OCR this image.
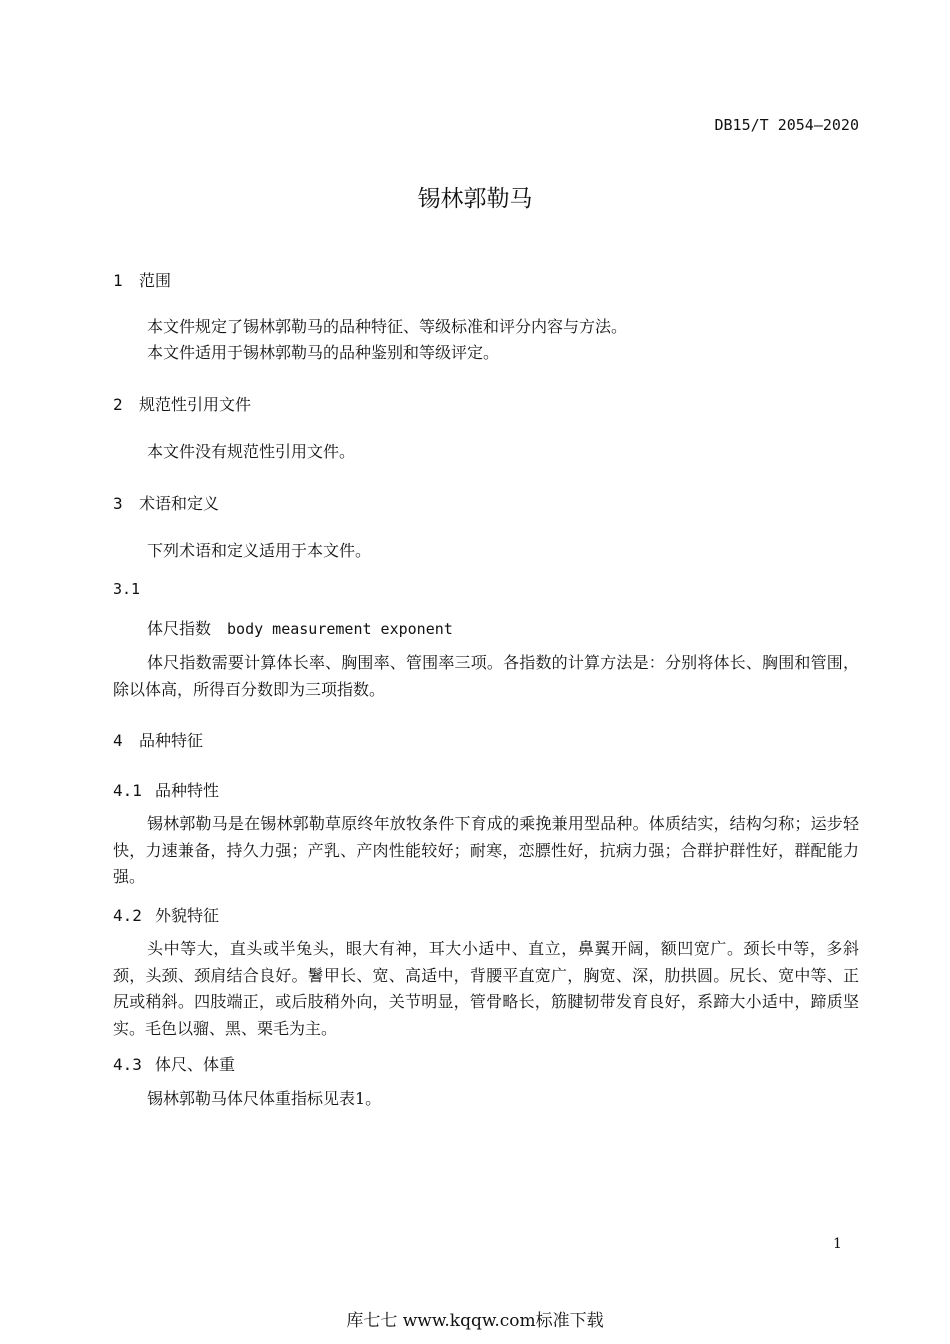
DB15/T 2054—2020
锡林郭勒马
1 范围
本文件规定了锡林郭勒马的品种特征、等级标准和评分内容与方法。
本文件适用于锡林郭勒马的品种鉴别和等级评定。
2 规范性引用文件
本文件没有规范性引用文件。
3 术语和定义
下列术语和定义适用于本文件。
3.1
体尺指数 body measurement exponent
体尺指数需要计算体长率、胸围率、管围率三项。各指数的计算方法是：分别将体长、胸围和管围，除以体高，所得百分数即为三项指数。
4 品种特征
4.1 品种特性
锡林郭勒马是在锡林郭勒草原终年放牧条件下育成的乘挽兼用型品种。体质结实，结构匀称；运步轻快，力速兼备，持久力强；产乳、产肉性能较好；耐寒，恋膘性好，抗病力强；合群护群性好，群配能力强。
4.2 外貌特征
头中等大，直头或半兔头，眼大有神，耳大小适中、直立，鼻翼开阔，额凹宽广。颈长中等，多斜颈，头颈、颈肩结合良好。鬐甲长、宽、高适中，背腰平直宽广，胸宽、深，肋拱圆。尻长、宽中等、正尻或稍斜。四肢端正，或后肢稍外向，关节明显，管骨略长，筋腱韧带发育良好，系蹄大小适中，蹄质坚实。毛色以骝、黑、栗毛为主。
4.3 体尺、体重
锡林郭勒马体尺体重指标见表1。
1
库七七 www.kqqw.com标准下载
